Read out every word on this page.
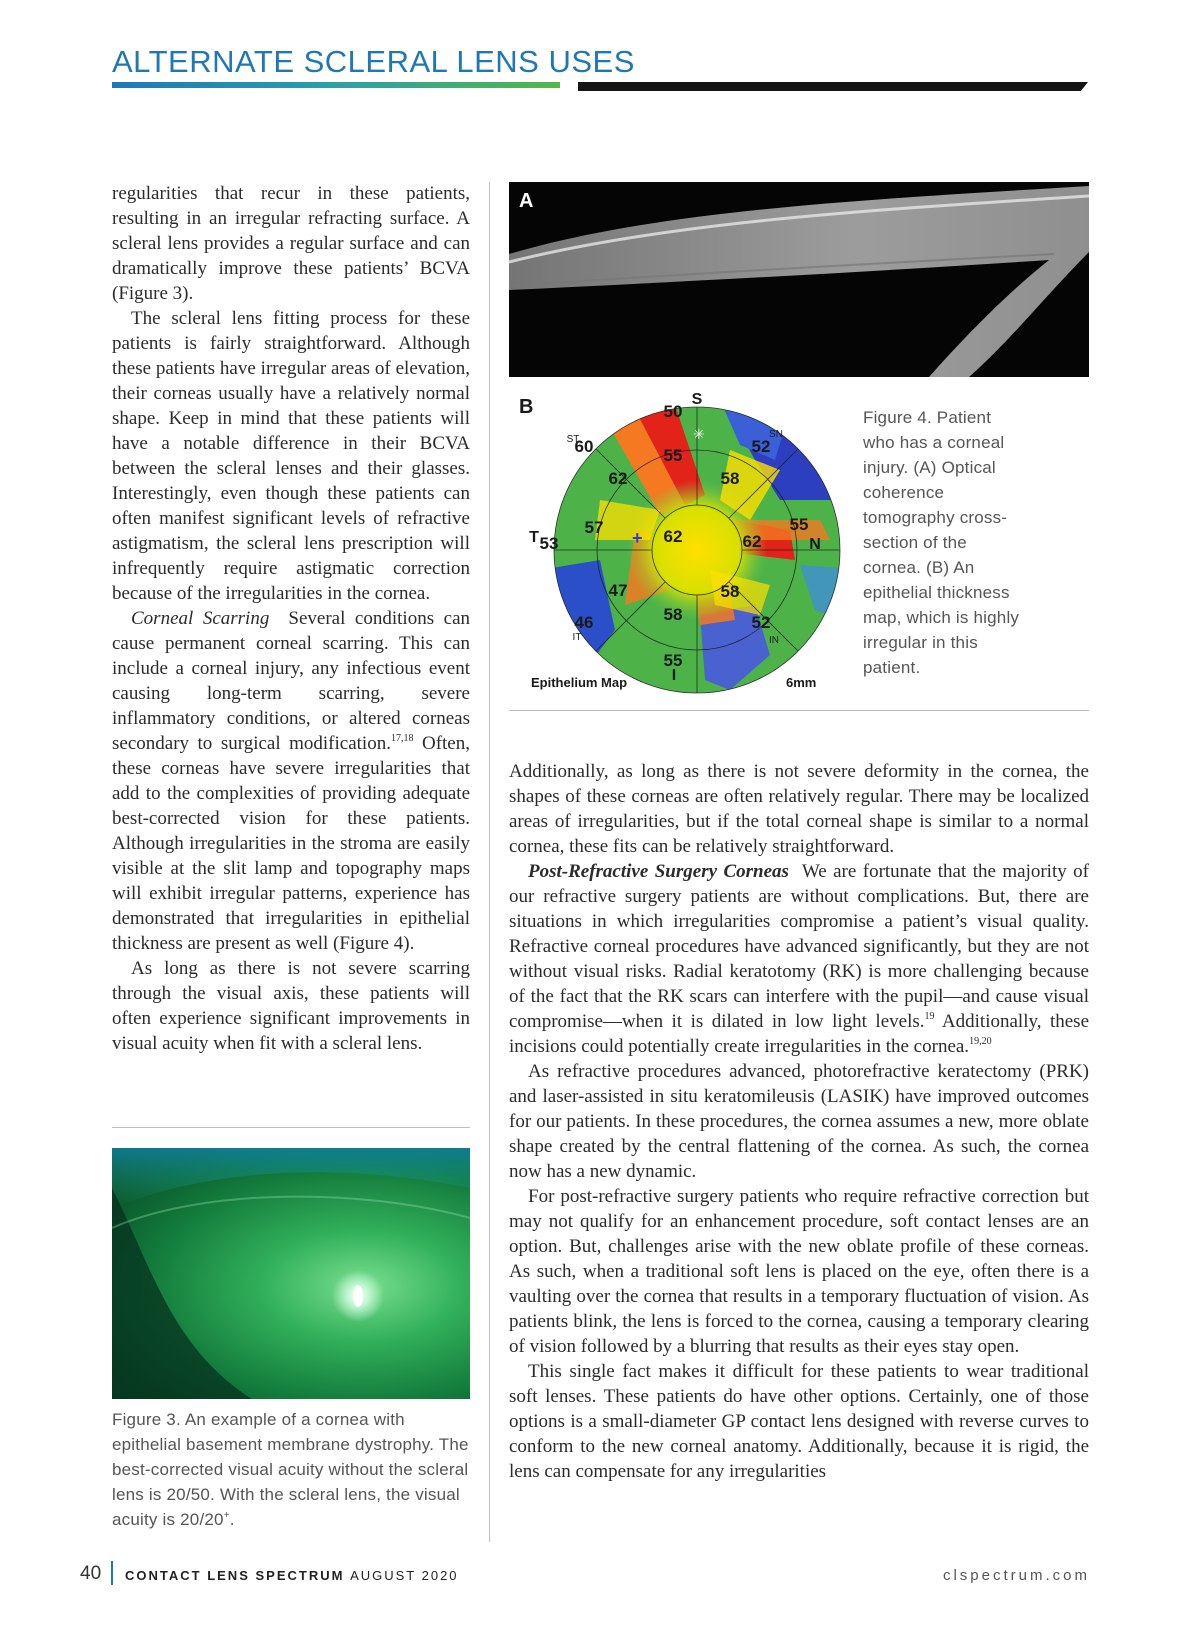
ALTERNATE SCLERAL LENS USES

regularities that recur in these patients, resulting in an irregular refracting surface. A scleral lens provides a regular surface and can dramatically improve these patients’ BCVA (Figure 3).

The scleral lens fitting process for these patients is fairly straightforward. Although these patients have irregular areas of elevation, their corneas usually have a relatively normal shape. Keep in mind that these patients will have a notable difference in their BCVA between the scleral lenses and their glasses. Interestingly, even though these patients can often manifest significant levels of refractive astigmatism, the scleral lens prescription will infrequently require astigmatic correction because of the irregularities in the cornea.

Corneal Scarring Several conditions can cause permanent corneal scarring. This can include a corneal injury, any infectious event causing long-term scarring, severe inflammatory conditions, or altered corneas secondary to surgical modification.$^{17,18}$ Often, these corneas have severe irregularities that add to the complexities of providing adequate best-corrected vision for these patients. Although irregularities in the stroma are easily visible at the slit lamp and topography maps will exhibit irregular patterns, experience has demonstrated that irregularities in epithelial thickness are present as well (Figure 4).

As long as there is not severe scarring through the visual axis, these patients will often experience significant improvements in visual acuity when fit with a scleral lens.

Figure 3. An example of a cornea with epithelial basement membrane dystrophy. The best-corrected visual acuity without the scleral lens is 20/50. With the scleral lens, the visual acuity is 20/20+.
A
B	S
I
T	N
ST	SN
IT	IN
50
60	55	52
62	58
57	62	62
55
53
47	58
58
46	52
55
+
✳
Epithelium Map	6mm
Figure 4. Patient who has a corneal injury. (A) Optical coherence tomography cross-section of the cornea. (B) An epithelial thickness map, which is highly irregular in this patient.

Additionally, as long as there is not severe deformity in the cornea, the shapes of these corneas are often relatively regular. There may be localized areas of irregularities, but if the total corneal shape is similar to a normal cornea, these fits can be relatively straightforward.

Post-Refractive Surgery Corneas We are fortunate that the majority of our refractive surgery patients are without complications. But, there are situations in which irregularities compromise a patient’s visual quality. Refractive corneal procedures have advanced significantly, but they are not without visual risks. Radial keratotomy (RK) is more challenging because of the fact that the RK scars can interfere with the pupil—and cause visual compromise—when it is dilated in low light levels.$^{19}$ Additionally, these incisions could potentially create irregularities in the cornea.$^{19,20}$

As refractive procedures advanced, photorefractive keratectomy (PRK) and laser-assisted in situ keratomileusis (LASIK) have improved outcomes for our patients. In these procedures, the cornea assumes a new, more oblate shape created by the central flattening of the cornea. As such, the cornea now has a new dynamic.

For post-refractive surgery patients who require refractive correction but may not qualify for an enhancement procedure, soft contact lenses are an option. But, challenges arise with the new oblate profile of these corneas. As such, when a traditional soft lens is placed on the eye, often there is a vaulting over the cornea that results in a temporary fluctuation of vision. As patients blink, the lens is forced to the cornea, causing a temporary clearing of vision followed by a blurring that results as their eyes stay open.

This single fact makes it difficult for these patients to wear traditional soft lenses. These patients do have other options. Certainly, one of those options is a small-diameter GP contact lens designed with reverse curves to conform to the new corneal anatomy. Additionally, because it is rigid, the lens can compensate for any irregularities

40 CONTACT LENS SPECTRUM AUGUST 2020	clspectrum.com
